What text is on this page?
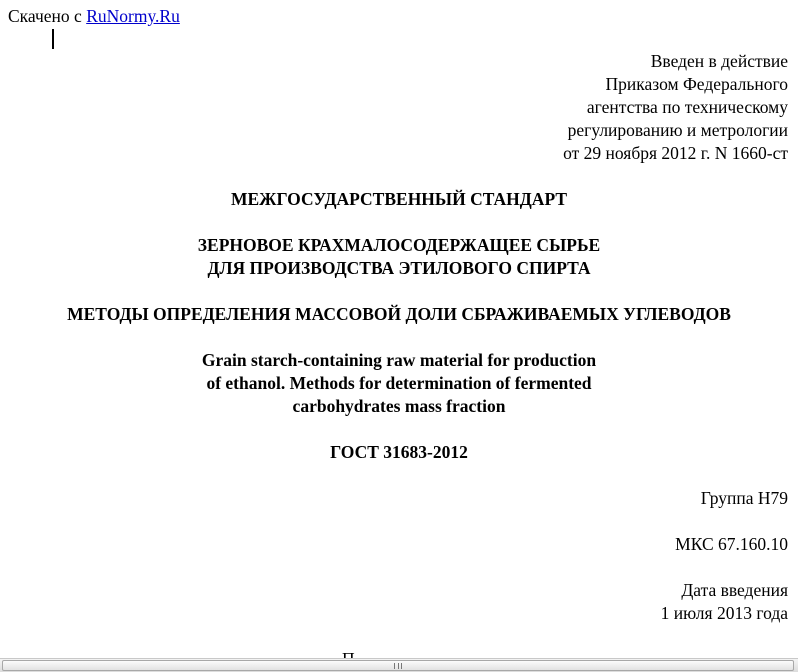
Скачено с RuNormy.Ru
Введен в действие
Приказом Федерального
агентства по техническому
регулированию и метрологии
от 29 ноября 2012 г. N 1660-ст
МЕЖГОСУДАРСТВЕННЫЙ СТАНДАРТ
ЗЕРНОВОЕ КРАХМАЛОСОДЕРЖАЩЕЕ СЫРЬЕ
ДЛЯ ПРОИЗВОДСТВА ЭТИЛОВОГО СПИРТА
МЕТОДЫ ОПРЕДЕЛЕНИЯ МАССОВОЙ ДОЛИ СБРАЖИВАЕМЫХ УГЛЕВОДОВ
Grain starch-containing raw material for production
of ethanol. Methods for determination of fermented
carbohydrates mass fraction
ГОСТ 31683-2012
Группа Н79
МКС 67.160.10
Дата введения
1 июля 2013 года
